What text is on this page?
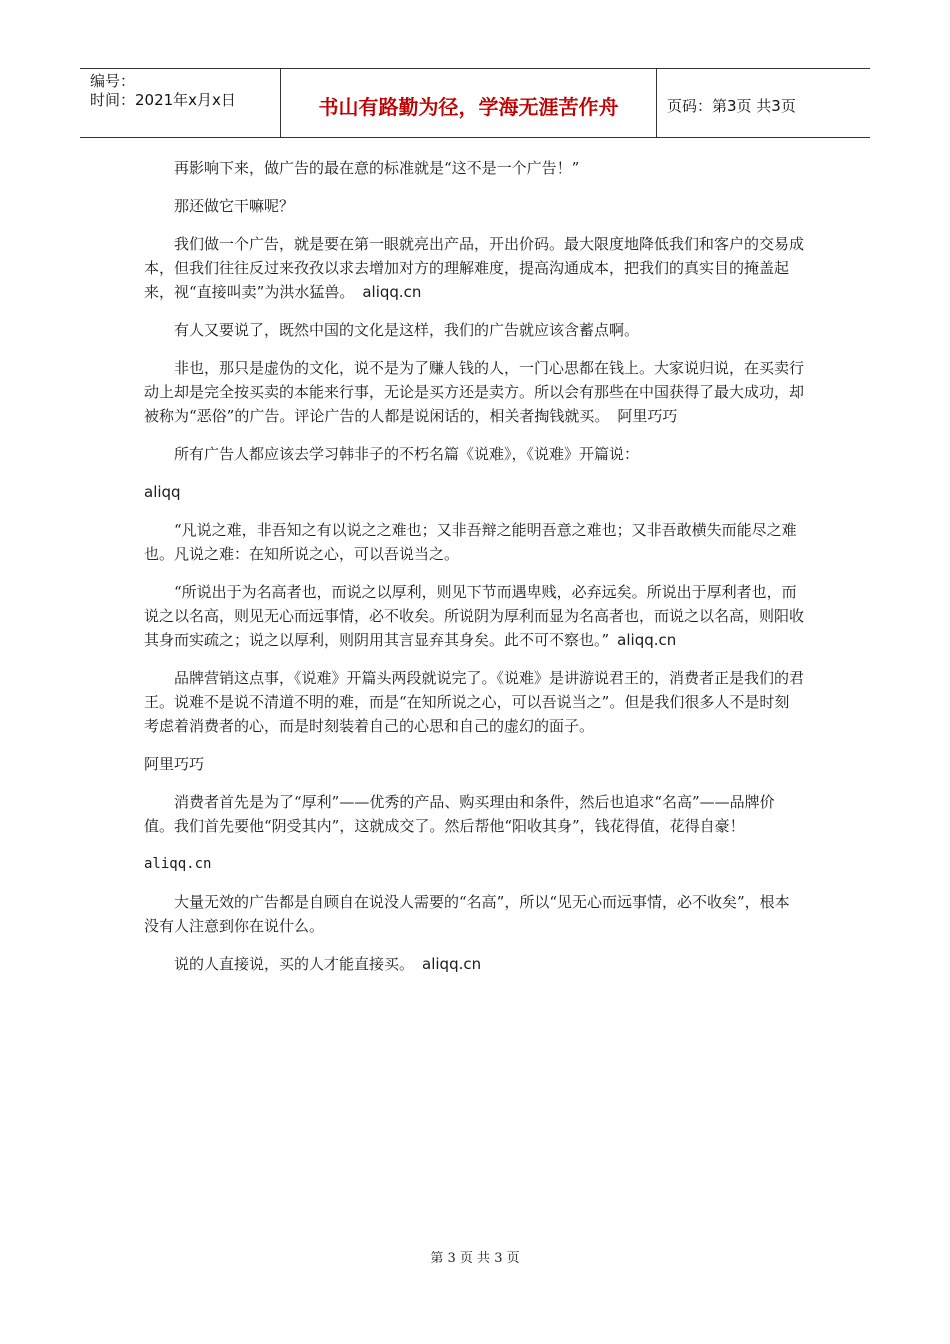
编号：
时间：2021年x月x日	书山有路勤为径，学海无涯苦作舟	页码：第3页 共3页

再影响下来，做广告的最在意的标准就是“这不是一个广告！”

那还做它干嘛呢？

我们做一个广告，就是要在第一眼就亮出产品，开出价码。最大限度地降低我们和客户的交易成本，但我们往往反过来孜孜以求去增加对方的理解难度，提高沟通成本，把我们的真实目的掩盖起来，视“直接叫卖”为洪水猛兽。 aliqq.cn

有人又要说了，既然中国的文化是这样，我们的广告就应该含蓄点啊。

非也，那只是虚伪的文化，说不是为了赚人钱的人，一门心思都在钱上。大家说归说，在买卖行动上却是完全按买卖的本能来行事，无论是买方还是卖方。所以会有那些在中国获得了最大成功，却被称为“恶俗”的广告。评论广告的人都是说闲话的，相关者掏钱就买。 阿里巧巧

所有广告人都应该去学习韩非子的不朽名篇《说难》，《说难》开篇说：

aliqq

“凡说之难，非吾知之有以说之之难也；又非吾辩之能明吾意之难也；又非吾敢横失而能尽之难也。凡说之难：在知所说之心，可以吾说当之。

“所说出于为名高者也，而说之以厚利，则见下节而遇卑贱，必弃远矣。所说出于厚利者也，而说之以名高，则见无心而远事情，必不收矣。所说阴为厚利而显为名高者也，而说之以名高，则阳收其身而实疏之；说之以厚利，则阴用其言显弃其身矣。此不可不察也。” aliqq.cn

品牌营销这点事，《说难》开篇头两段就说完了。《说难》是讲游说君王的，消费者正是我们的君王。说难不是说不清道不明的难，而是“在知所说之心，可以吾说当之”。但是我们很多人不是时刻考虑着消费者的心，而是时刻装着自己的心思和自己的虚幻的面子。

阿里巧巧

消费者首先是为了“厚利”——优秀的产品、购买理由和条件，然后也追求“名高”——品牌价值。我们首先要他“阴受其内”，这就成交了。然后帮他“阳收其身”，钱花得值，花得自豪！

aliqq.cn

大量无效的广告都是自顾自在说没人需要的“名高”，所以“见无心而远事情，必不收矣”，根本没有人注意到你在说什么。

说的人直接说，买的人才能直接买。 aliqq.cn

第 3 页 共 3 页
